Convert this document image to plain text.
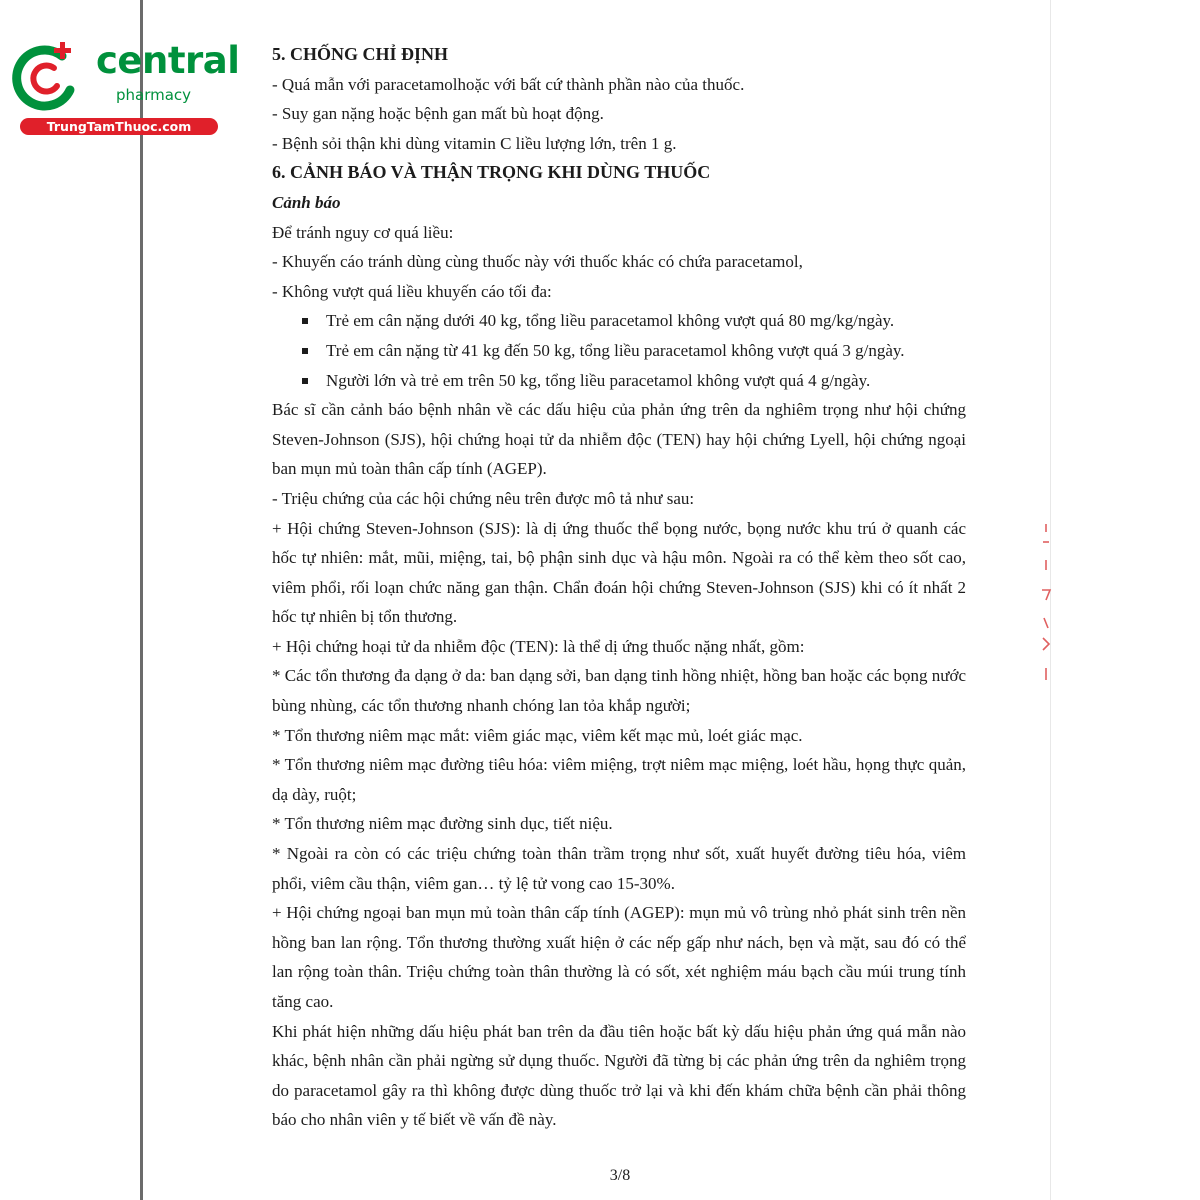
central
pharmacy
TrungTamThuoc.com

5. CHỐNG CHỈ ĐỊNH

- Quá mẫn với paracetamolhoặc với bất cứ thành phần nào của thuốc.

- Suy gan nặng hoặc bệnh gan mất bù hoạt động.

- Bệnh sỏi thận khi dùng vitamin C liều lượng lớn, trên 1 g.

6. CẢNH BÁO VÀ THẬN TRỌNG KHI DÙNG THUỐC

Cảnh báo

Để tránh nguy cơ quá liều:

- Khuyến cáo tránh dùng cùng thuốc này với thuốc khác có chứa paracetamol,

- Không vượt quá liều khuyến cáo tối đa:

Trẻ em cân nặng dưới 40 kg, tổng liều paracetamol không vượt quá 80 mg/kg/ngày.
Trẻ em cân nặng từ 41 kg đến 50 kg, tổng liều paracetamol không vượt quá 3 g/ngày.
Người lớn và trẻ em trên 50 kg, tổng liều paracetamol không vượt quá 4 g/ngày.

Bác sĩ cần cảnh báo bệnh nhân về các dấu hiệu của phản ứng trên da nghiêm trọng như hội chứng Steven-Johnson (SJS), hội chứng hoại tử da nhiễm độc (TEN) hay hội chứng Lyell, hội chứng ngoại ban mụn mủ toàn thân cấp tính (AGEP).

- Triệu chứng của các hội chứng nêu trên được mô tả như sau:

+ Hội chứng Steven-Johnson (SJS): là dị ứng thuốc thể bọng nước, bọng nước khu trú ở quanh các hốc tự nhiên: mắt, mũi, miệng, tai, bộ phận sinh dục và hậu môn. Ngoài ra có thể kèm theo sốt cao, viêm phổi, rối loạn chức năng gan thận. Chẩn đoán hội chứng Steven-Johnson (SJS) khi có ít nhất 2 hốc tự nhiên bị tổn thương.

+ Hội chứng hoại tử da nhiễm độc (TEN): là thể dị ứng thuốc nặng nhất, gồm:

* Các tổn thương đa dạng ở da: ban dạng sởi, ban dạng tinh hồng nhiệt, hồng ban hoặc các bọng nước bùng nhùng, các tổn thương nhanh chóng lan tỏa khắp người;

* Tổn thương niêm mạc mắt: viêm giác mạc, viêm kết mạc mủ, loét giác mạc.

* Tổn thương niêm mạc đường tiêu hóa: viêm miệng, trợt niêm mạc miệng, loét hầu, họng thực quản, dạ dày, ruột;

* Tổn thương niêm mạc đường sinh dục, tiết niệu.

* Ngoài ra còn có các triệu chứng toàn thân trầm trọng như sốt, xuất huyết đường tiêu hóa, viêm phổi, viêm cầu thận, viêm gan… tỷ lệ tử vong cao 15-30%.

+ Hội chứng ngoại ban mụn mủ toàn thân cấp tính (AGEP): mụn mủ vô trùng nhỏ phát sinh trên nền hồng ban lan rộng. Tổn thương thường xuất hiện ở các nếp gấp như nách, bẹn và mặt, sau đó có thể lan rộng toàn thân. Triệu chứng toàn thân thường là có sốt, xét nghiệm máu bạch cầu múi trung tính tăng cao.

Khi phát hiện những dấu hiệu phát ban trên da đầu tiên hoặc bất kỳ dấu hiệu phản ứng quá mẫn nào khác, bệnh nhân cần phải ngừng sử dụng thuốc. Người đã từng bị các phản ứng trên da nghiêm trọng do paracetamol gây ra thì không được dùng thuốc trở lại và khi đến khám chữa bệnh cần phải thông báo cho nhân viên y tế biết về vấn đề này.

3/8
